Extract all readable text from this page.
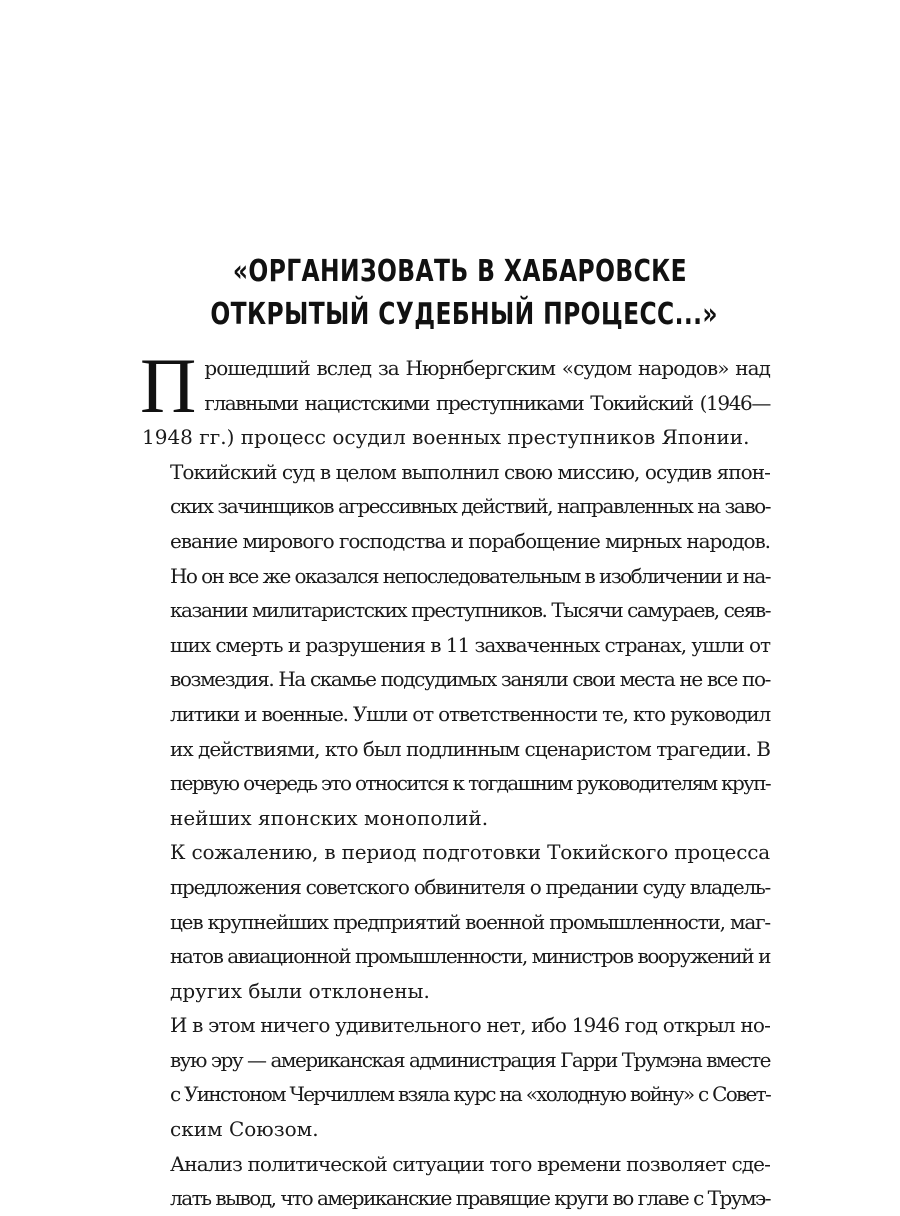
«ОРГАНИЗОВАТЬ В ХАБАРОВСКЕ
ОТКРЫТЫЙ СУДЕБНЫЙ ПРОЦЕСС...»

П рошедший вслед за Нюрнбергским «судом народов» над
главными нацистскими преступниками Токийский (1946—
1948 гг.) процесс осудил военных преступников Японии.

Токийский суд в целом выполнил свою миссию, осудив япон-
ских зачинщиков агрессивных действий, направленных на заво-
евание мирового господства и порабощение мирных народов.
Но он все же оказался непоследовательным в изобличении и на-
казании милитаристских преступников. Тысячи самураев, сеяв-
ших смерть и разрушения в 11 захваченных странах, ушли от
возмездия. На скамье подсудимых заняли свои места не все по-
литики и военные. Ушли от ответственности те, кто руководил
их действиями, кто был подлинным сценаристом трагедии. В
первую очередь это относится к тогдашним руководителям круп-
нейших японских монополий.

К сожалению, в период подготовки Токийского процесса
предложения советского обвинителя о предании суду владель-
цев крупнейших предприятий военной промышленности, маг-
натов авиационной промышленности, министров вооружений и
других были отклонены.

И в этом ничего удивительного нет, ибо 1946 год открыл но-
вую эру — американская администрация Гарри Трумэна вместе
с Уинстоном Черчиллем взяла курс на «холодную войну» с Совет-
ским Союзом.

Анализ политической ситуации того времени позволяет сде-
лать вывод, что американские правящие круги во главе с Трумэ-
